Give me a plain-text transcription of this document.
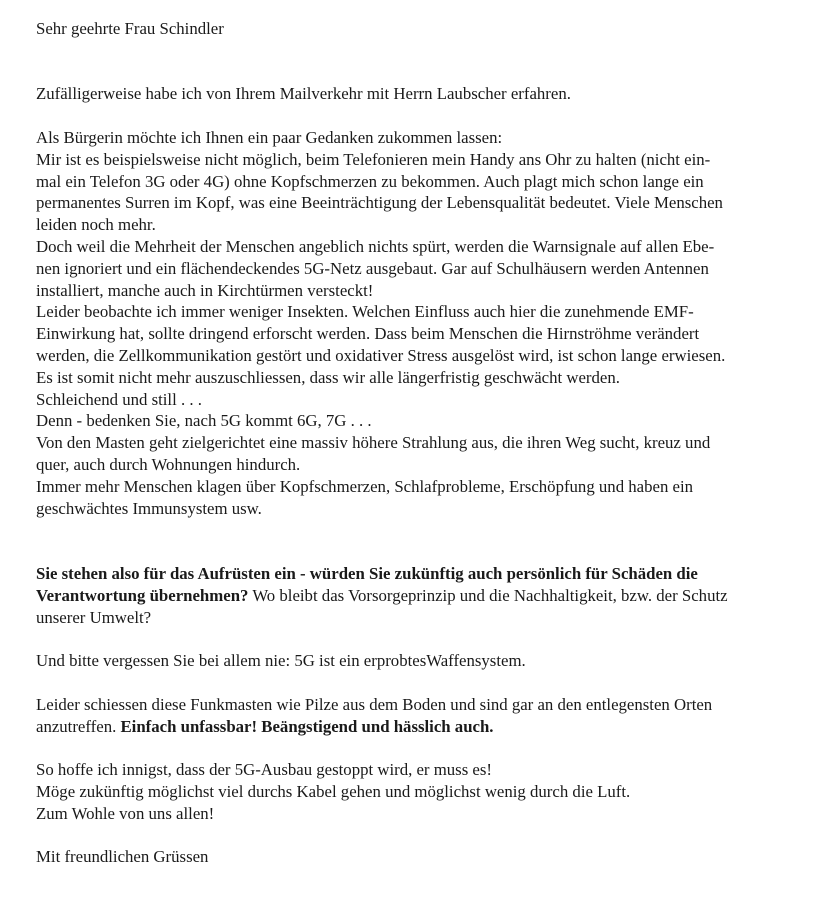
Sehr geehrte Frau Schindler
Zufälligerweise habe ich von Ihrem Mailverkehr mit Herrn Laubscher erfahren.
Als Bürgerin möchte ich Ihnen ein paar Gedanken zukommen lassen:
Mir ist es beispielsweise nicht möglich, beim Telefonieren mein Handy ans Ohr zu halten (nicht ein-
mal ein Telefon 3G oder 4G) ohne Kopfschmerzen zu bekommen. Auch plagt mich schon lange ein
permanentes Surren im Kopf, was eine Beeinträchtigung der Lebensqualität bedeutet. Viele Menschen
leiden noch mehr.
Doch weil die Mehrheit der Menschen angeblich nichts spürt, werden die Warnsignale auf allen Ebe-
nen ignoriert und ein flächendeckendes 5G-Netz ausgebaut. Gar auf Schulhäusern werden Antennen
installiert, manche auch in Kirchtürmen versteckt!
Leider beobachte ich immer weniger Insekten. Welchen Einfluss auch hier die zunehmende EMF-
Einwirkung hat, sollte dringend erforscht werden. Dass beim Menschen die Hirnströhme verändert
werden, die Zellkommunikation gestört und oxidativer Stress ausgelöst wird, ist schon lange erwiesen.
Es ist somit nicht mehr auszuschliessen, dass wir alle längerfristig geschwächt werden.
Schleichend und still . . .
Denn - bedenken Sie, nach 5G kommt 6G, 7G . . .
Von den Masten geht zielgerichtet eine massiv höhere Strahlung aus, die ihren Weg sucht, kreuz und
quer, auch durch Wohnungen hindurch.
Immer mehr Menschen klagen über Kopfschmerzen, Schlafprobleme, Erschöpfung und haben ein
geschwächtes Immunsystem usw.
Sie stehen also für das Aufrüsten ein - würden Sie zukünftig auch persönlich für Schäden die
Verantwortung übernehmen? Wo bleibt das Vorsorgeprinzip und die Nachhaltigkeit, bzw. der Schutz
unserer Umwelt?
Und bitte vergessen Sie bei allem nie: 5G ist ein erprobtesWaffensystem.
Leider schiessen diese Funkmasten wie Pilze aus dem Boden und sind gar an den entlegensten Orten
anzutreffen. Einfach unfassbar! Beängstigend und hässlich auch.
So hoffe ich innigst, dass der 5G-Ausbau gestoppt wird, er muss es!
Möge zukünftig möglichst viel durchs Kabel gehen und möglichst wenig durch die Luft.
Zum Wohle von uns allen!
Mit freundlichen Grüssen
